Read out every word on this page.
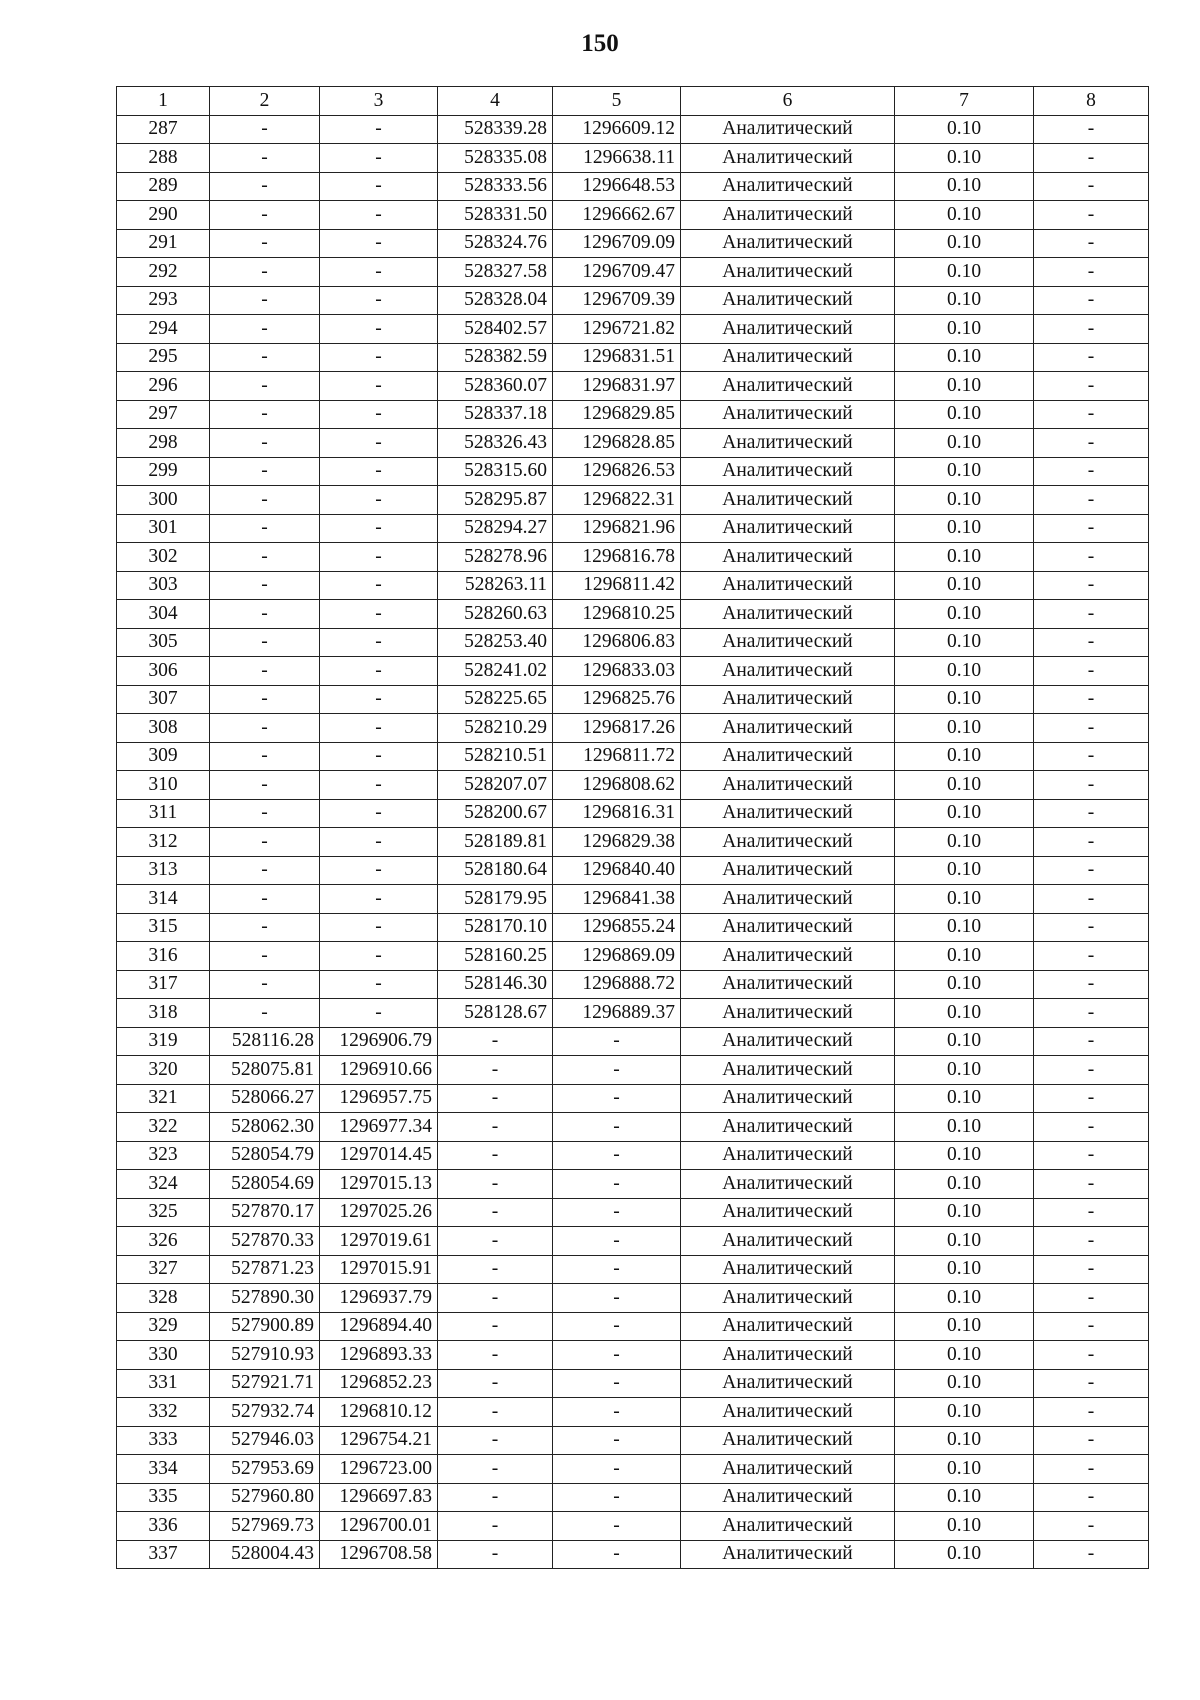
150
1	2	3	4	5	6	7	8
287	-	-	528339.28	1296609.12	Аналитический	0.10	-
288	-	-	528335.08	1296638.11	Аналитический	0.10	-
289	-	-	528333.56	1296648.53	Аналитический	0.10	-
290	-	-	528331.50	1296662.67	Аналитический	0.10	-
291	-	-	528324.76	1296709.09	Аналитический	0.10	-
292	-	-	528327.58	1296709.47	Аналитический	0.10	-
293	-	-	528328.04	1296709.39	Аналитический	0.10	-
294	-	-	528402.57	1296721.82	Аналитический	0.10	-
295	-	-	528382.59	1296831.51	Аналитический	0.10	-
296	-	-	528360.07	1296831.97	Аналитический	0.10	-
297	-	-	528337.18	1296829.85	Аналитический	0.10	-
298	-	-	528326.43	1296828.85	Аналитический	0.10	-
299	-	-	528315.60	1296826.53	Аналитический	0.10	-
300	-	-	528295.87	1296822.31	Аналитический	0.10	-
301	-	-	528294.27	1296821.96	Аналитический	0.10	-
302	-	-	528278.96	1296816.78	Аналитический	0.10	-
303	-	-	528263.11	1296811.42	Аналитический	0.10	-
304	-	-	528260.63	1296810.25	Аналитический	0.10	-
305	-	-	528253.40	1296806.83	Аналитический	0.10	-
306	-	-	528241.02	1296833.03	Аналитический	0.10	-
307	-	-	528225.65	1296825.76	Аналитический	0.10	-
308	-	-	528210.29	1296817.26	Аналитический	0.10	-
309	-	-	528210.51	1296811.72	Аналитический	0.10	-
310	-	-	528207.07	1296808.62	Аналитический	0.10	-
311	-	-	528200.67	1296816.31	Аналитический	0.10	-
312	-	-	528189.81	1296829.38	Аналитический	0.10	-
313	-	-	528180.64	1296840.40	Аналитический	0.10	-
314	-	-	528179.95	1296841.38	Аналитический	0.10	-
315	-	-	528170.10	1296855.24	Аналитический	0.10	-
316	-	-	528160.25	1296869.09	Аналитический	0.10	-
317	-	-	528146.30	1296888.72	Аналитический	0.10	-
318	-	-	528128.67	1296889.37	Аналитический	0.10	-
319	528116.28	1296906.79	-	-	Аналитический	0.10	-
320	528075.81	1296910.66	-	-	Аналитический	0.10	-
321	528066.27	1296957.75	-	-	Аналитический	0.10	-
322	528062.30	1296977.34	-	-	Аналитический	0.10	-
323	528054.79	1297014.45	-	-	Аналитический	0.10	-
324	528054.69	1297015.13	-	-	Аналитический	0.10	-
325	527870.17	1297025.26	-	-	Аналитический	0.10	-
326	527870.33	1297019.61	-	-	Аналитический	0.10	-
327	527871.23	1297015.91	-	-	Аналитический	0.10	-
328	527890.30	1296937.79	-	-	Аналитический	0.10	-
329	527900.89	1296894.40	-	-	Аналитический	0.10	-
330	527910.93	1296893.33	-	-	Аналитический	0.10	-
331	527921.71	1296852.23	-	-	Аналитический	0.10	-
332	527932.74	1296810.12	-	-	Аналитический	0.10	-
333	527946.03	1296754.21	-	-	Аналитический	0.10	-
334	527953.69	1296723.00	-	-	Аналитический	0.10	-
335	527960.80	1296697.83	-	-	Аналитический	0.10	-
336	527969.73	1296700.01	-	-	Аналитический	0.10	-
337	528004.43	1296708.58	-	-	Аналитический	0.10	-
